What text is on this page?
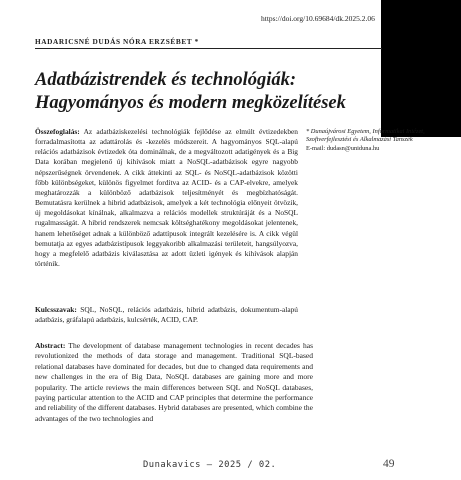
https://doi.org/10.69684/dk.2025.2.06
HADARICSNÉ DUDÁS NÓRA ERZSÉBET *
Adatbázistrendek és technológiák:
Hagyományos és modern megközelítések
Összefoglalás: Az adatbáziskezelési technológiák fejlődése az elmúlt évtizedekben forradalmasította az adattárolás és -kezelés módszereit. A hagyományos SQL-alapú relációs adatbázisok évtizedek óta dominálnak, de a megváltozott adatigények és a Big Data korában megjelenő új kihívások miatt a NoSQL-adatbázisok egyre nagyobb népszerűségnek örvendenek. A cikk áttekinti az SQL- és NoSQL-adatbázisok közötti főbb különbségeket, különös figyelmet fordítva az ACID- és a CAP-elvekre, amelyek meghatározzák a különböző adatbázisok teljesítményét és megbízhatóságát. Bemutatásra kerülnek a hibrid adatbázisok, amelyek a két technológia előnyeit ötvözik, új megoldásokat kínálnak, alkalmazva a relációs modellek struktúráját és a NoSQL rugalmasságát. A hibrid rendszerek nemcsak költséghatékony megoldásokat jelentenek, hanem lehetőséget adnak a különböző adattípusok integrált kezelésére is. A cikk végül bemutatja az egyes adatbázistípusok leggyakoribb alkalmazási területeit, hangsúlyozva, hogy a megfelelő adatbázis kiválasztása az adott üzleti igények és kihívások alapján történik.
Kulcsszavak: SQL, NoSQL, relációs adatbázis, hibrid adatbázis, dokumentum-alapú adatbázis, gráfalapú adatbázis, kulcsérték, ACID, CAP.
* Dunaújvárosi Egyetem, Informatikai Intézet, Szoftverfejlesztési és Alkalmazási Tanszék
E-mail: dudasn@uniduna.hu
Abstract: The development of database management technologies in recent decades has revolutionized the methods of data storage and management. Traditional SQL-based relational databases have dominated for decades, but due to changed data requirements and new challenges in the era of Big Data, NoSQL databases are gaining more and more popularity. The article reviews the main differences between SQL and NoSQL databases, paying particular attention to the ACID and CAP principles that determine the performance and reliability of the different databases. Hybrid databases are presented, which combine the advantages of the two technologies and
Dunakavics – 2025 / 02.	49
